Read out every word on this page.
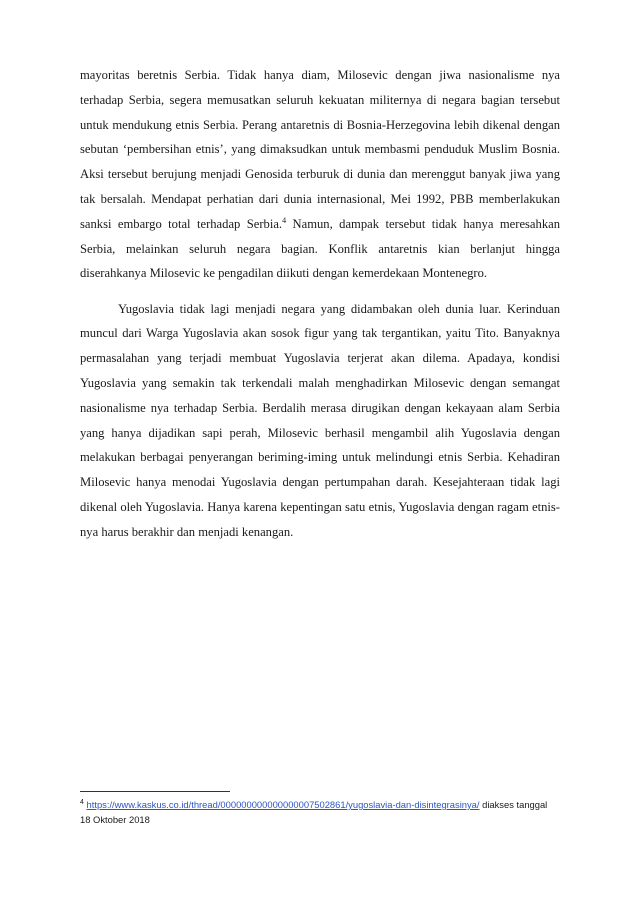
mayoritas beretnis Serbia. Tidak hanya diam, Milosevic dengan jiwa nasionalisme nya terhadap Serbia, segera memusatkan seluruh kekuatan militernya di negara bagian tersebut untuk mendukung etnis Serbia. Perang antaretnis di Bosnia-Herzegovina lebih dikenal dengan sebutan ‘pembersihan etnis’, yang dimaksudkan untuk membasmi penduduk Muslim Bosnia. Aksi tersebut berujung menjadi Genosida terburuk di dunia dan merenggut banyak jiwa yang tak bersalah. Mendapat perhatian dari dunia internasional, Mei 1992, PBB memberlakukan sanksi embargo total terhadap Serbia.$^4$ Namun, dampak tersebut tidak hanya meresahkan Serbia, melainkan seluruh negara bagian. Konflik antaretnis kian berlanjut hingga diserahkanya Milosevic ke pengadilan diikuti dengan kemerdekaan Montenegro.

Yugoslavia tidak lagi menjadi negara yang didambakan oleh dunia luar. Kerinduan muncul dari Warga Yugoslavia akan sosok figur yang tak tergantikan, yaitu Tito. Banyaknya permasalahan yang terjadi membuat Yugoslavia terjerat akan dilema. Apadaya, kondisi Yugoslavia yang semakin tak terkendali malah menghadirkan Milosevic dengan semangat nasionalisme nya terhadap Serbia. Berdalih merasa dirugikan dengan kekayaan alam Serbia yang hanya dijadikan sapi perah, Milosevic berhasil mengambil alih Yugoslavia dengan melakukan berbagai penyerangan beriming-iming untuk melindungi etnis Serbia. Kehadiran Milosevic hanya menodai Yugoslavia dengan pertumpahan darah. Kesejahteraan tidak lagi dikenal oleh Yugoslavia. Hanya karena kepentingan satu etnis, Yugoslavia dengan ragam etnis-nya harus berakhir dan menjadi kenangan.

$^4$ https://www.kaskus.co.id/thread/000000000000000007502861/yugoslavia-dan-disintegrasinya/ diakses tanggal 18 Oktober 2018
